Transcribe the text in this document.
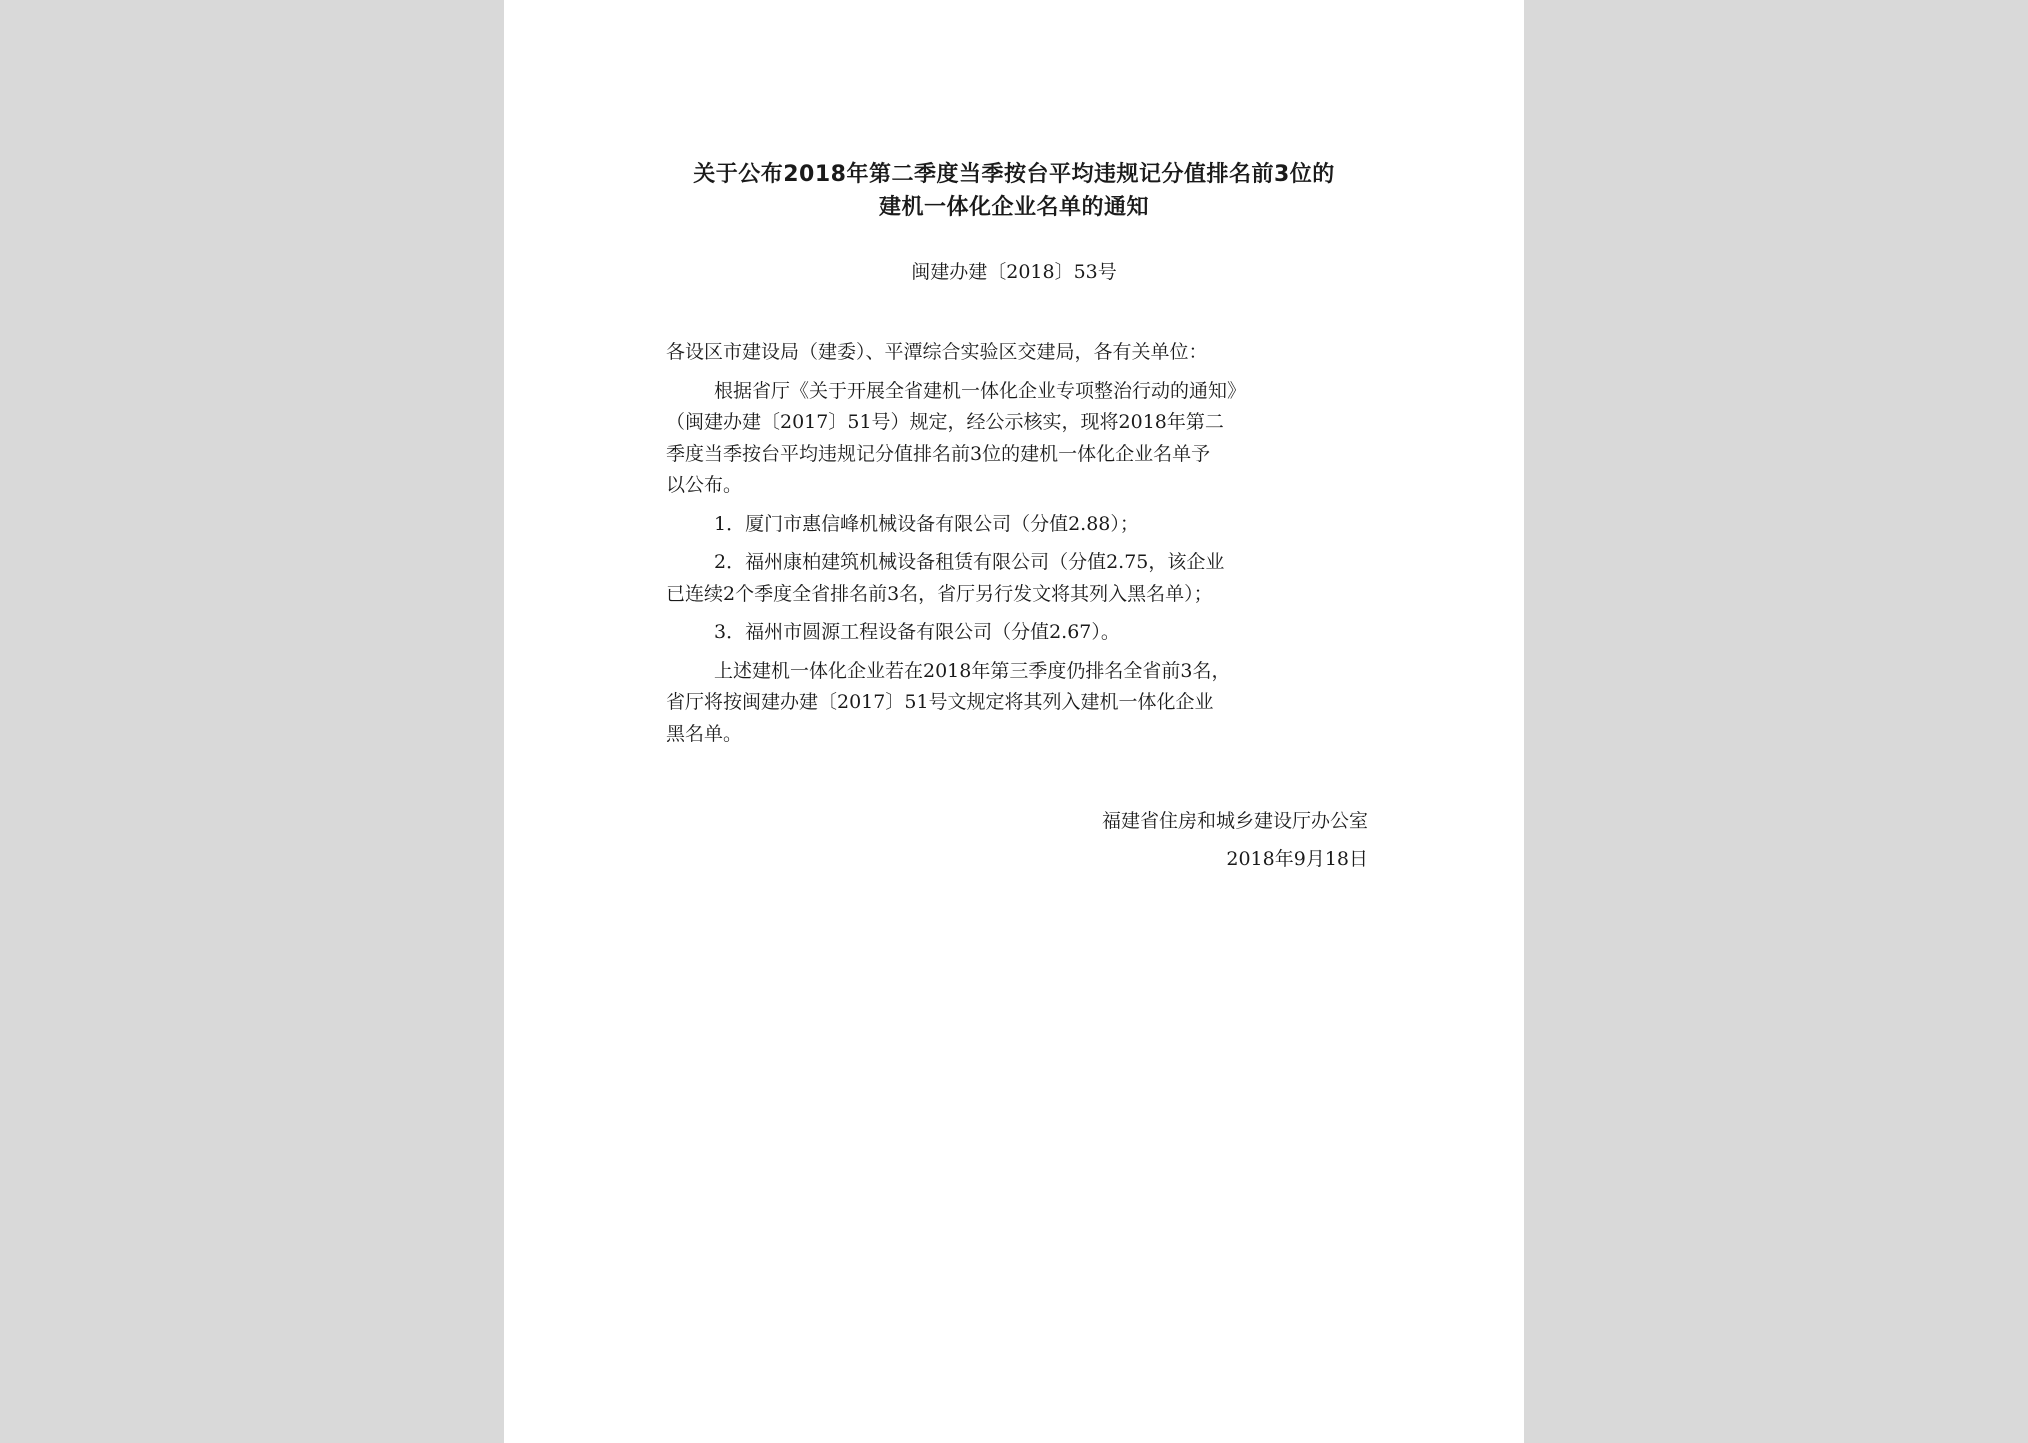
关于公布2018年第二季度当季按台平均违规记分值排名前3位的
建机一体化企业名单的通知
闽建办建〔2018〕53号

各设区市建设局（建委）、平潭综合实验区交建局，各有关单位：

根据省厅《关于开展全省建机一体化企业专项整治行动的通知》
（闽建办建〔2017〕51号）规定，经公示核实，现将2018年第二
季度当季按台平均违规记分值排名前3位的建机一体化企业名单予
以公布。

1．厦门市惠信峰机械设备有限公司（分值2.88）；

2．福州康柏建筑机械设备租赁有限公司（分值2.75，该企业
已连续2个季度全省排名前3名，省厅另行发文将其列入黑名单）；

3．福州市圆源工程设备有限公司（分值2.67）。

上述建机一体化企业若在2018年第三季度仍排名全省前3名，
省厅将按闽建办建〔2017〕51号文规定将其列入建机一体化企业
黑名单。

福建省住房和城乡建设厅办公室
2018年9月18日
